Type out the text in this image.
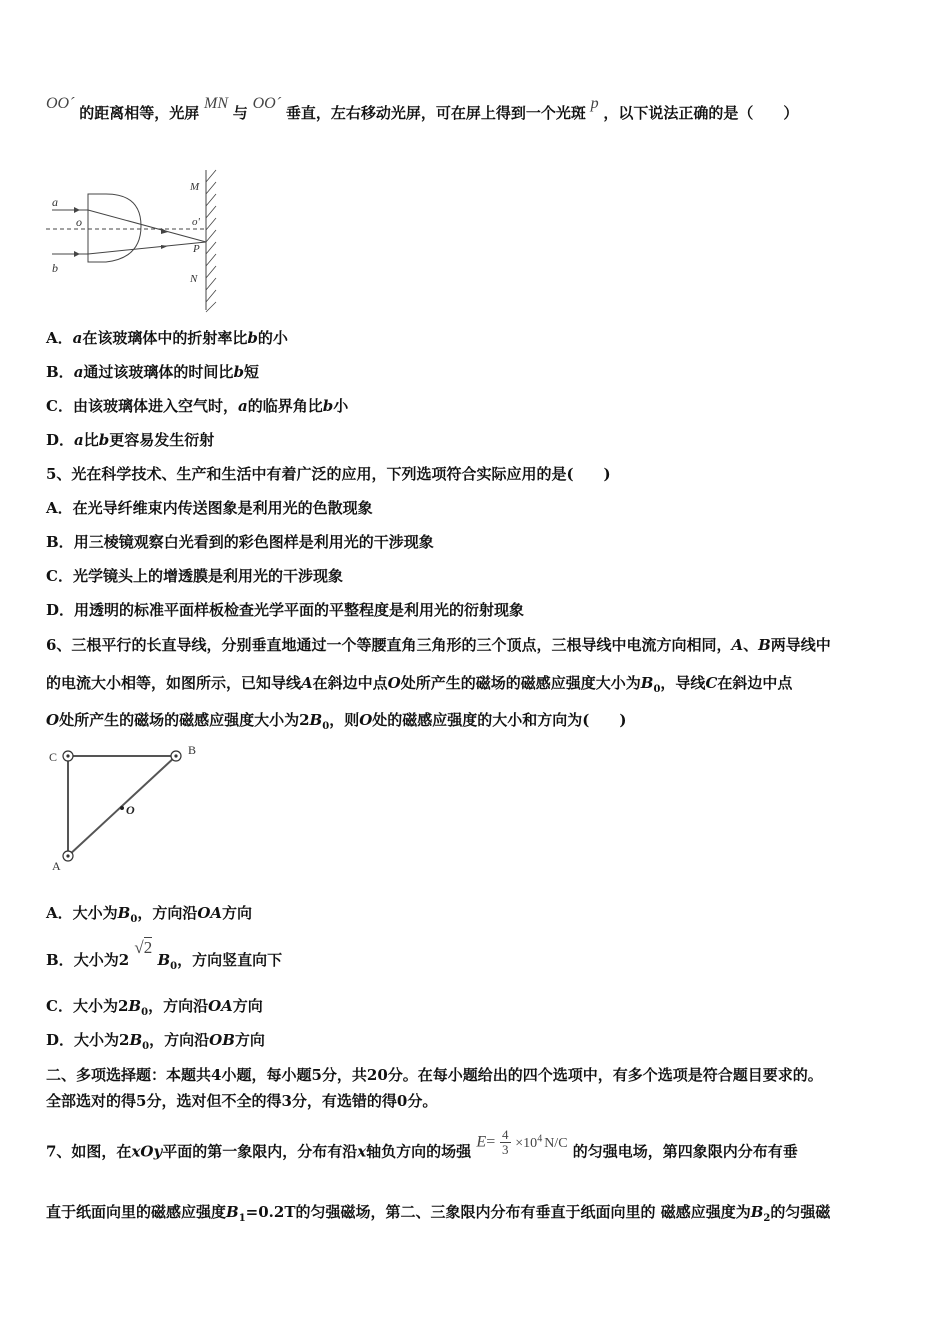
OO´ 的距离相等，光屏 MN 与 OO´ 垂直，左右移动光屏，可在屏上得到一个光斑 p ，以下说法正确的是（　　）
a
b
o	o'
M
P
N
A．a在该玻璃体中的折射率比b的小
B．a通过该玻璃体的时间比b短
C．由该玻璃体进入空气时，a的临界角比b小
D．a比b更容易发生衍射
5、光在科学技术、生产和生活中有着广泛的应用，下列选项符合实际应用的是(　　)
A．在光导纤维束内传送图象是利用光的色散现象
B．用三棱镜观察白光看到的彩色图样是利用光的干涉现象
C．光学镜头上的增透膜是利用光的干涉现象
D．用透明的标准平面样板检查光学平面的平整程度是利用光的衍射现象
6、三根平行的长直导线，分别垂直地通过一个等腰直角三角形的三个顶点，三根导线中电流方向相同，A、B两导线中
的电流大小相等，如图所示，已知导线A在斜边中点O处所产生的磁场的磁感应强度大小为$B_0$，导线C在斜边中点
O处所产生的磁场的磁感应强度大小为$2B_0$，则O处的磁感应强度的大小和方向为(　　)
C	B
A
O
A．大小为$B_0$，方向沿OA方向
B．大小为2 √2 $B_0$，方向竖直向下
C．大小为$2B_0$，方向沿OA方向
D．大小为$2B_0$，方向沿OB方向
二、多项选择题：本题共4小题，每小题5分，共20分。在每小题给出的四个选项中，有多个选项是符合题目要求的。
全部选对的得5分，选对但不全的得3分，有选错的得0分。
7、如图，在xOy平面的第一象限内，分布有沿x轴负方向的场强 $E= \frac{4}{3} \times 10^4$ N/C 的匀强电场，第四象限内分布有垂
直于纸面向里的磁感应强度$B_1=0.2T$的匀强磁场，第二、三象限内分布有垂直于纸面向里的 磁感应强度为$B_2$的匀强磁
